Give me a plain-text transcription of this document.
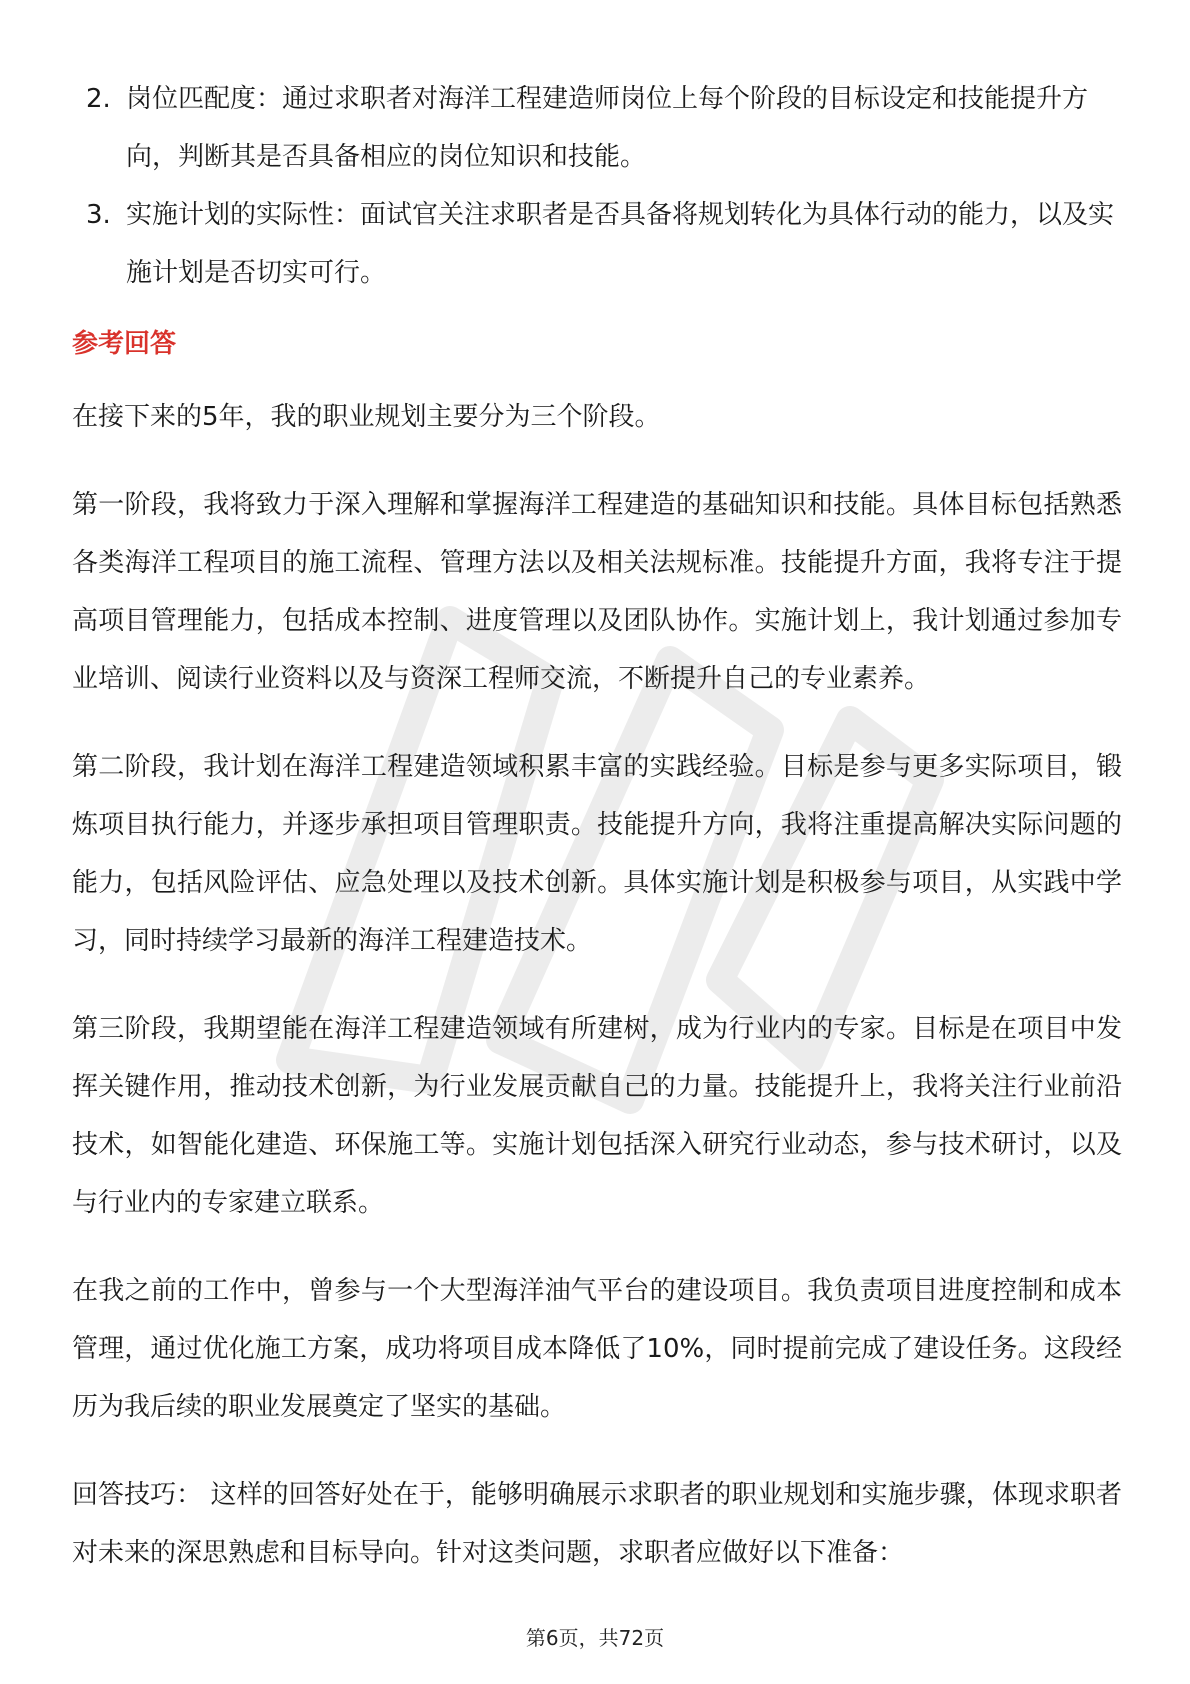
2. 岗位匹配度：通过求职者对海洋工程建造师岗位上每个阶段的目标设定和技能提升方向，判断其是否具备相应的岗位知识和技能。
3. 实施计划的实际性：面试官关注求职者是否具备将规划转化为具体行动的能力，以及实施计划是否切实可行。
参考回答

在接下来的5年，我的职业规划主要分为三个阶段。

第一阶段，我将致力于深入理解和掌握海洋工程建造的基础知识和技能。具体目标包括熟悉各类海洋工程项目的施工流程、管理方法以及相关法规标准。技能提升方面，我将专注于提高项目管理能力，包括成本控制、进度管理以及团队协作。实施计划上，我计划通过参加专业培训、阅读行业资料以及与资深工程师交流，不断提升自己的专业素养。

第二阶段，我计划在海洋工程建造领域积累丰富的实践经验。目标是参与更多实际项目，锻炼项目执行能力，并逐步承担项目管理职责。技能提升方向，我将注重提高解决实际问题的能力，包括风险评估、应急处理以及技术创新。具体实施计划是积极参与项目，从实践中学习，同时持续学习最新的海洋工程建造技术。

第三阶段，我期望能在海洋工程建造领域有所建树，成为行业内的专家。目标是在项目中发挥关键作用，推动技术创新，为行业发展贡献自己的力量。技能提升上，我将关注行业前沿技术，如智能化建造、环保施工等。实施计划包括深入研究行业动态，参与技术研讨，以及与行业内的专家建立联系。

在我之前的工作中，曾参与一个大型海洋油气平台的建设项目。我负责项目进度控制和成本管理，通过优化施工方案，成功将项目成本降低了10%，同时提前完成了建设任务。这段经历为我后续的职业发展奠定了坚实的基础。

回答技巧： 这样的回答好处在于，能够明确展示求职者的职业规划和实施步骤，体现求职者对未来的深思熟虑和目标导向。针对这类问题，求职者应做好以下准备：

第6页，共72页
